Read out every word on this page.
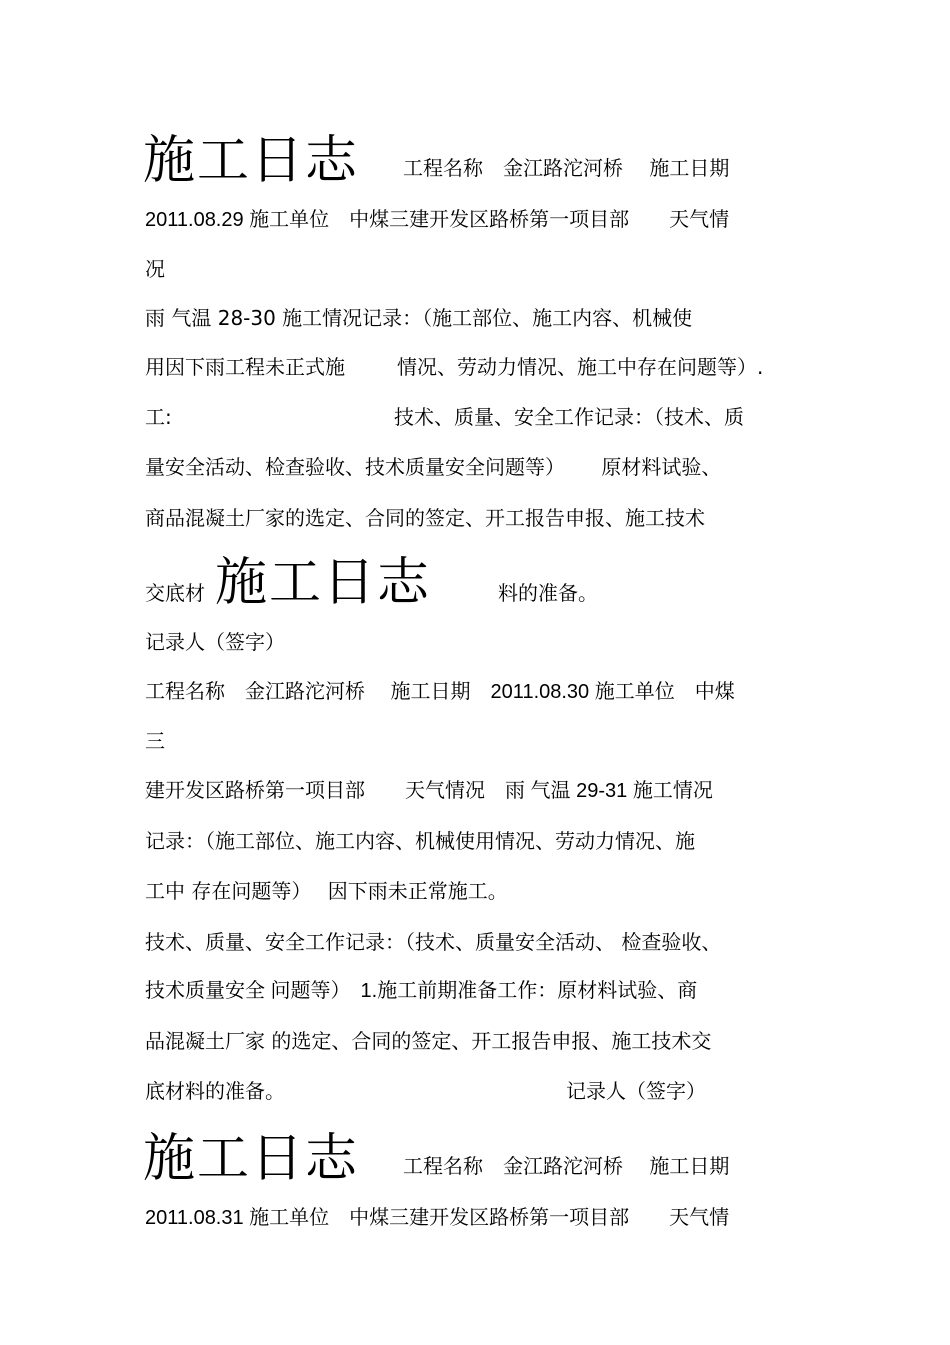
施工日志 工程名称　金江路沱河桥　 施工日期
2011.08.29 施工单位　中煤三建开发区路桥第一项目部　　天气情
况
雨 气温 28-30 施工情况记录：（施工部位、施工内容、机械使
用因下雨工程未正式施	情况、劳动力情况、施工中存在问题等）.
工:	技术、质量、安全工作记录：（技术、质
量安全活动、检查验收、技术质量安全问题等）　　 原材料试验、
商品混凝土厂家的选定、合同的签定、开工报告申报、施工技术
交底材 施工日志	料的准备。
记录人（签字）
工程名称　金江路沱河桥　 施工日期　2011.08.30 施工单位　中煤
三
建开发区路桥第一项目部　　天气情况　雨 气温 29-31 施工情况
记录：（施工部位、施工内容、机械使用情况、劳动力情况、施
工中 存在问题等）　 因下雨未正常施工。
技术、质量、安全工作记录：（技术、质量安全活动、 检查验收、
技术质量安全 问题等）　1.施工前期准备工作：原材料试验、商
品混凝土厂家 的选定、合同的签定、开工报告申报、施工技术交
底材料的准备。	记录人（签字）
施工日志 工程名称　金江路沱河桥　 施工日期
2011.08.31 施工单位　中煤三建开发区路桥第一项目部　　天气情
